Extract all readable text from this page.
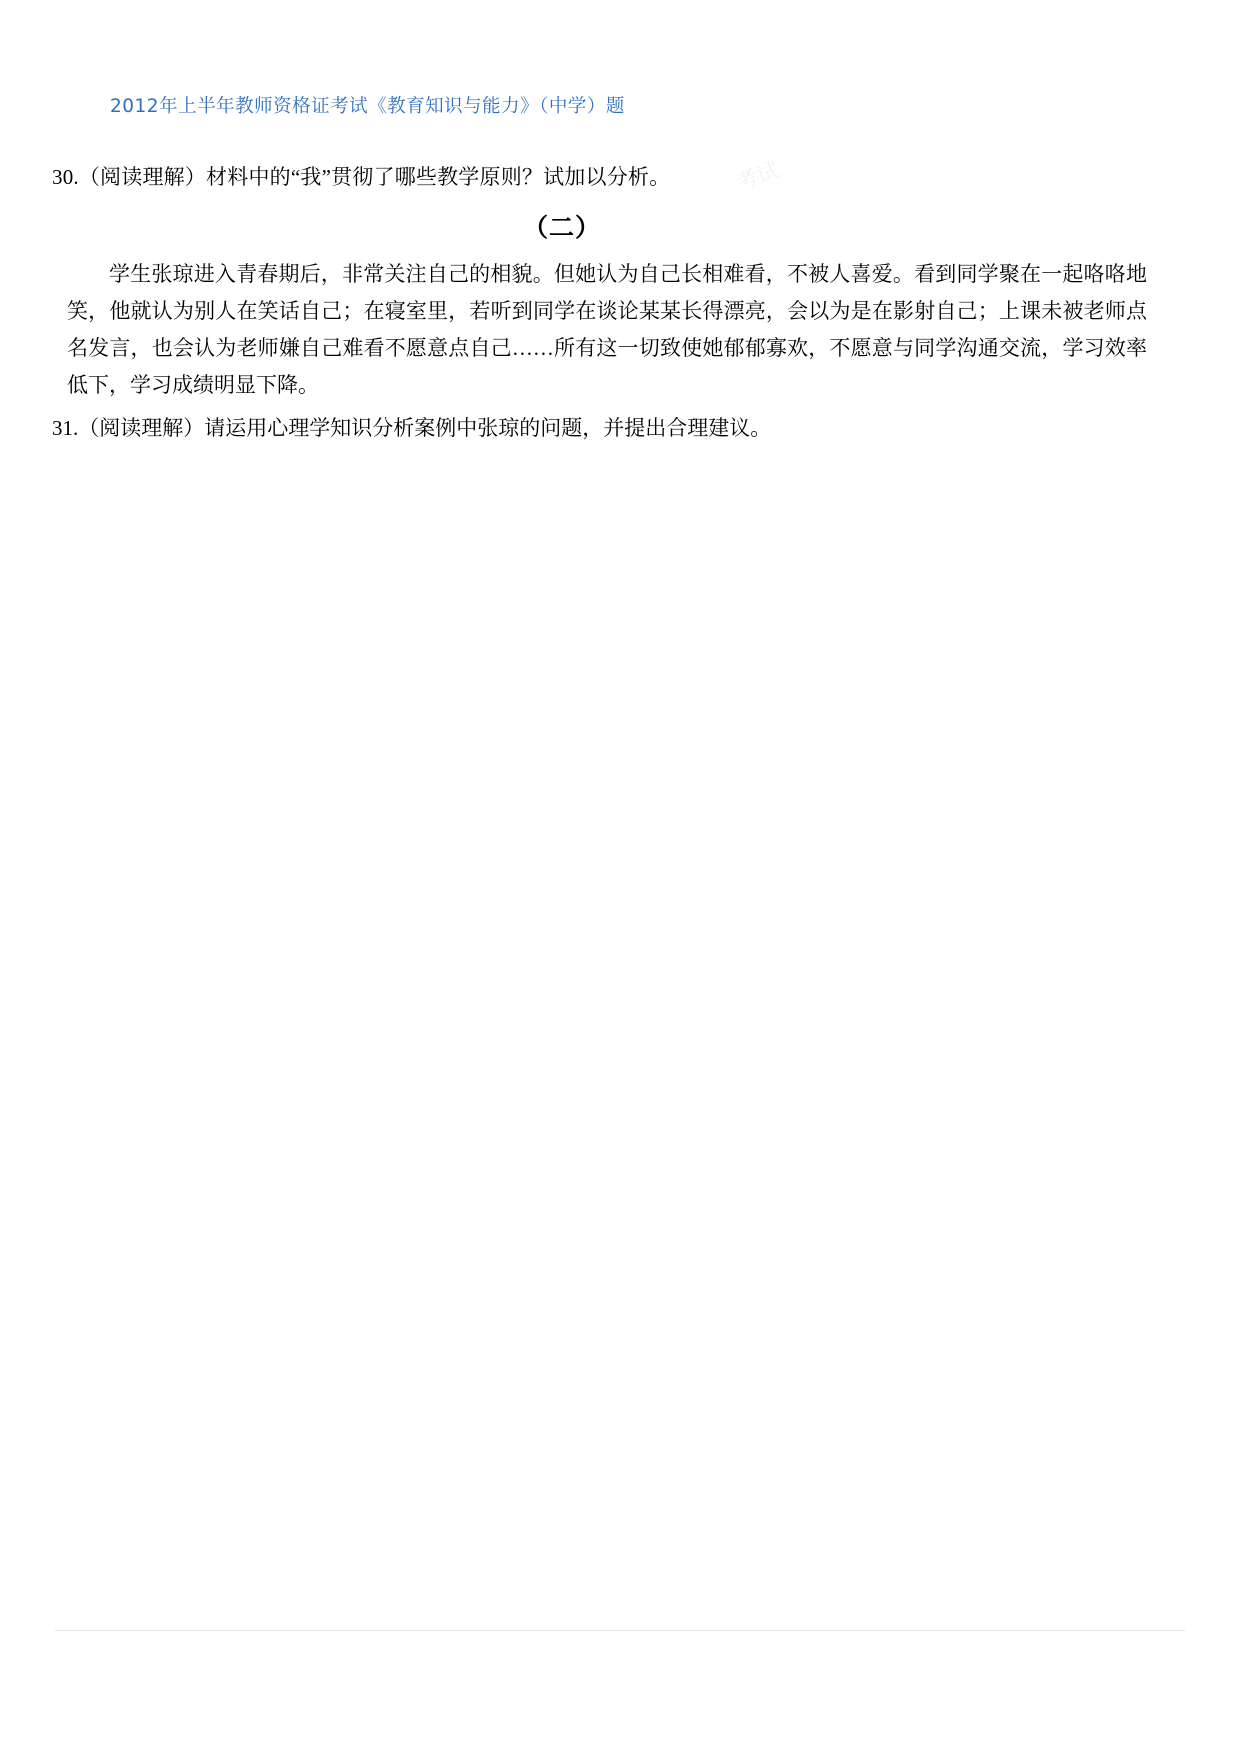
2012年上半年教师资格证考试《教育知识与能力》（中学）题
考试

30.（阅读理解）材料中的“我”贯彻了哪些教学原则？试加以分析。

（二）

学生张琼进入青春期后，非常关注自己的相貌。但她认为自己长相难看，不被人喜爱。看到同学聚在一起咯咯地笑，他就认为别人在笑话自己；在寝室里，若听到同学在谈论某某长得漂亮，会以为是在影射自己；上课未被老师点名发言，也会认为老师嫌自己难看不愿意点自己……所有这一切致使她郁郁寡欢，不愿意与同学沟通交流，学习效率低下，学习成绩明显下降。

31.（阅读理解）请运用心理学知识分析案例中张琼的问题，并提出合理建议。
